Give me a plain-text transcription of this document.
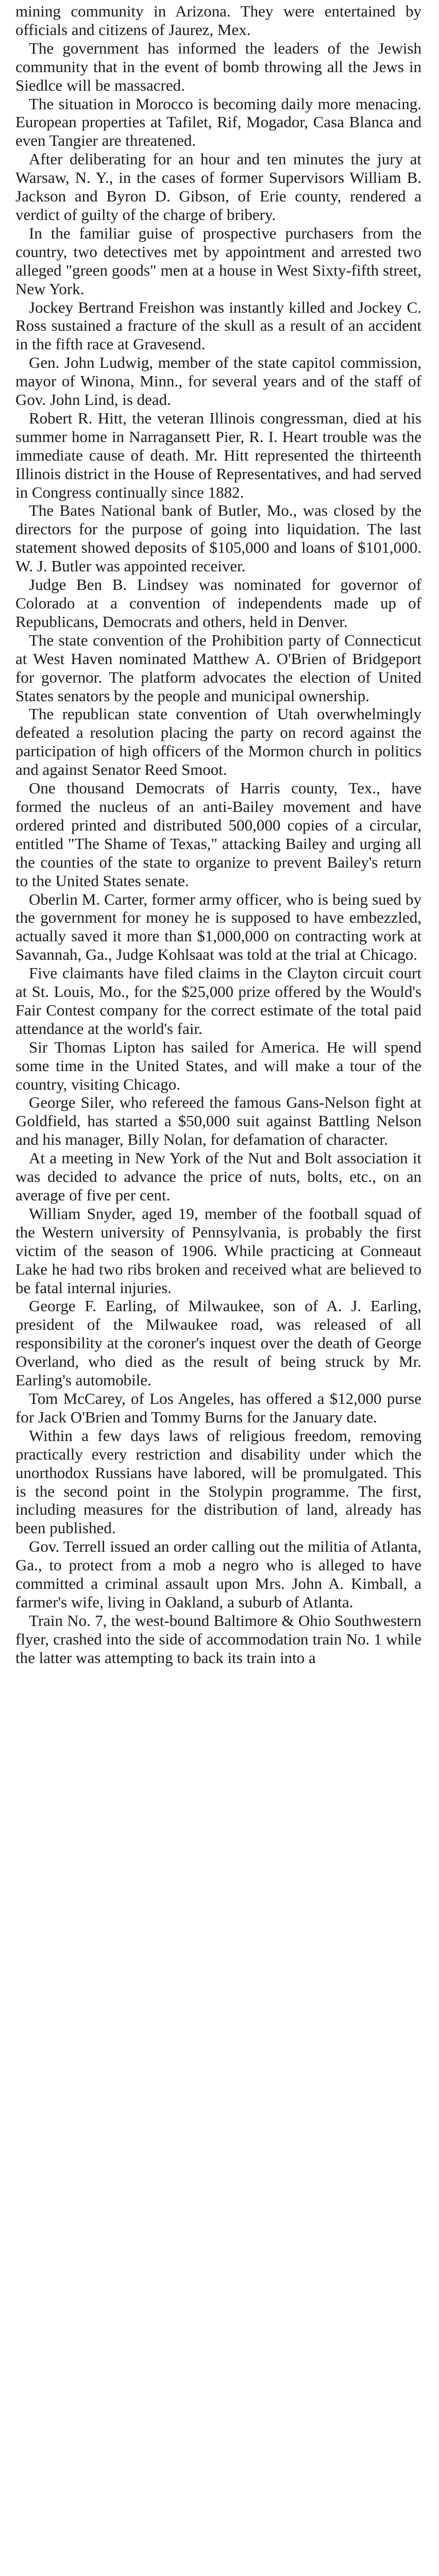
mining community in Arizona. They were entertained by officials and citizens of Jaurez, Mex.

The government has informed the leaders of the Jewish community that in the event of bomb throwing all the Jews in Siedlce will be massacred.

The situation in Morocco is becoming daily more menacing. European properties at Tafilet, Rif, Mogador, Casa Blanca and even Tangier are threatened.

After deliberating for an hour and ten minutes the jury at Warsaw, N. Y., in the cases of former Supervisors William B. Jackson and Byron D. Gibson, of Erie county, rendered a verdict of guilty of the charge of bribery.

In the familiar guise of prospective purchasers from the country, two detectives met by appointment and arrested two alleged "green goods" men at a house in West Sixty-fifth street, New York.

Jockey Bertrand Freishon was instantly killed and Jockey C. Ross sustained a fracture of the skull as a result of an accident in the fifth race at Gravesend.

Gen. John Ludwig, member of the state capitol commission, mayor of Winona, Minn., for several years and of the staff of Gov. John Lind, is dead.

Robert R. Hitt, the veteran Illinois congressman, died at his summer home in Narragansett Pier, R. I. Heart trouble was the immediate cause of death. Mr. Hitt represented the thirteenth Illinois district in the House of Representatives, and had served in Congress continually since 1882.

The Bates National bank of Butler, Mo., was closed by the directors for the purpose of going into liquidation. The last statement showed deposits of $105,000 and loans of $101,000. W. J. Butler was appointed receiver.

Judge Ben B. Lindsey was nominated for governor of Colorado at a convention of independents made up of Republicans, Democrats and others, held in Denver.

The state convention of the Prohibition party of Connecticut at West Haven nominated Matthew A. O'Brien of Bridgeport for governor. The platform advocates the election of United States senators by the people and municipal ownership.

The republican state convention of Utah overwhelmingly defeated a resolution placing the party on record against the participation of high officers of the Mormon church in politics and against Senator Reed Smoot.

One thousand Democrats of Harris county, Tex., have formed the nucleus of an anti-Bailey movement and have ordered printed and distributed 500,000 copies of a circular, entitled "The Shame of Texas," attacking Bailey and urging all the counties of the state to organize to prevent Bailey's return to the United States senate.

Oberlin M. Carter, former army officer, who is being sued by the government for money he is supposed to have embezzled, actually saved it more than $1,000,000 on contracting work at Savannah, Ga., Judge Kohlsaat was told at the trial at Chicago.

Five claimants have filed claims in the Clayton circuit court at St. Louis, Mo., for the $25,000 prize offered by the Would's Fair Contest company for the correct estimate of the total paid attendance at the world's fair.

Sir Thomas Lipton has sailed for America. He will spend some time in the United States, and will make a tour of the country, visiting Chicago.

George Siler, who refereed the famous Gans-Nelson fight at Goldfield, has started a $50,000 suit against Battling Nelson and his manager, Billy Nolan, for defamation of character.

At a meeting in New York of the Nut and Bolt association it was decided to advance the price of nuts, bolts, etc., on an average of five per cent.

William Snyder, aged 19, member of the football squad of the Western university of Pennsylvania, is probably the first victim of the season of 1906. While practicing at Conneaut Lake he had two ribs broken and received what are believed to be fatal internal injuries.

George F. Earling, of Milwaukee, son of A. J. Earling, president of the Milwaukee road, was released of all responsibility at the coroner's inquest over the death of George Overland, who died as the result of being struck by Mr. Earling's automobile.

Tom McCarey, of Los Angeles, has offered a $12,000 purse for Jack O'Brien and Tommy Burns for the January date.

Within a few days laws of religious freedom, removing practically every restriction and disability under which the unorthodox Russians have labored, will be promulgated. This is the second point in the Stolypin programme. The first, including measures for the distribution of land, already has been published.

Gov. Terrell issued an order calling out the militia of Atlanta, Ga., to protect from a mob a negro who is alleged to have committed a criminal assault upon Mrs. John A. Kimball, a farmer's wife, living in Oakland, a suburb of Atlanta.

Train No. 7, the west-bound Baltimore & Ohio Southwestern flyer, crashed into the side of accommodation train No. 1 while the latter was attempting to back its train into a
